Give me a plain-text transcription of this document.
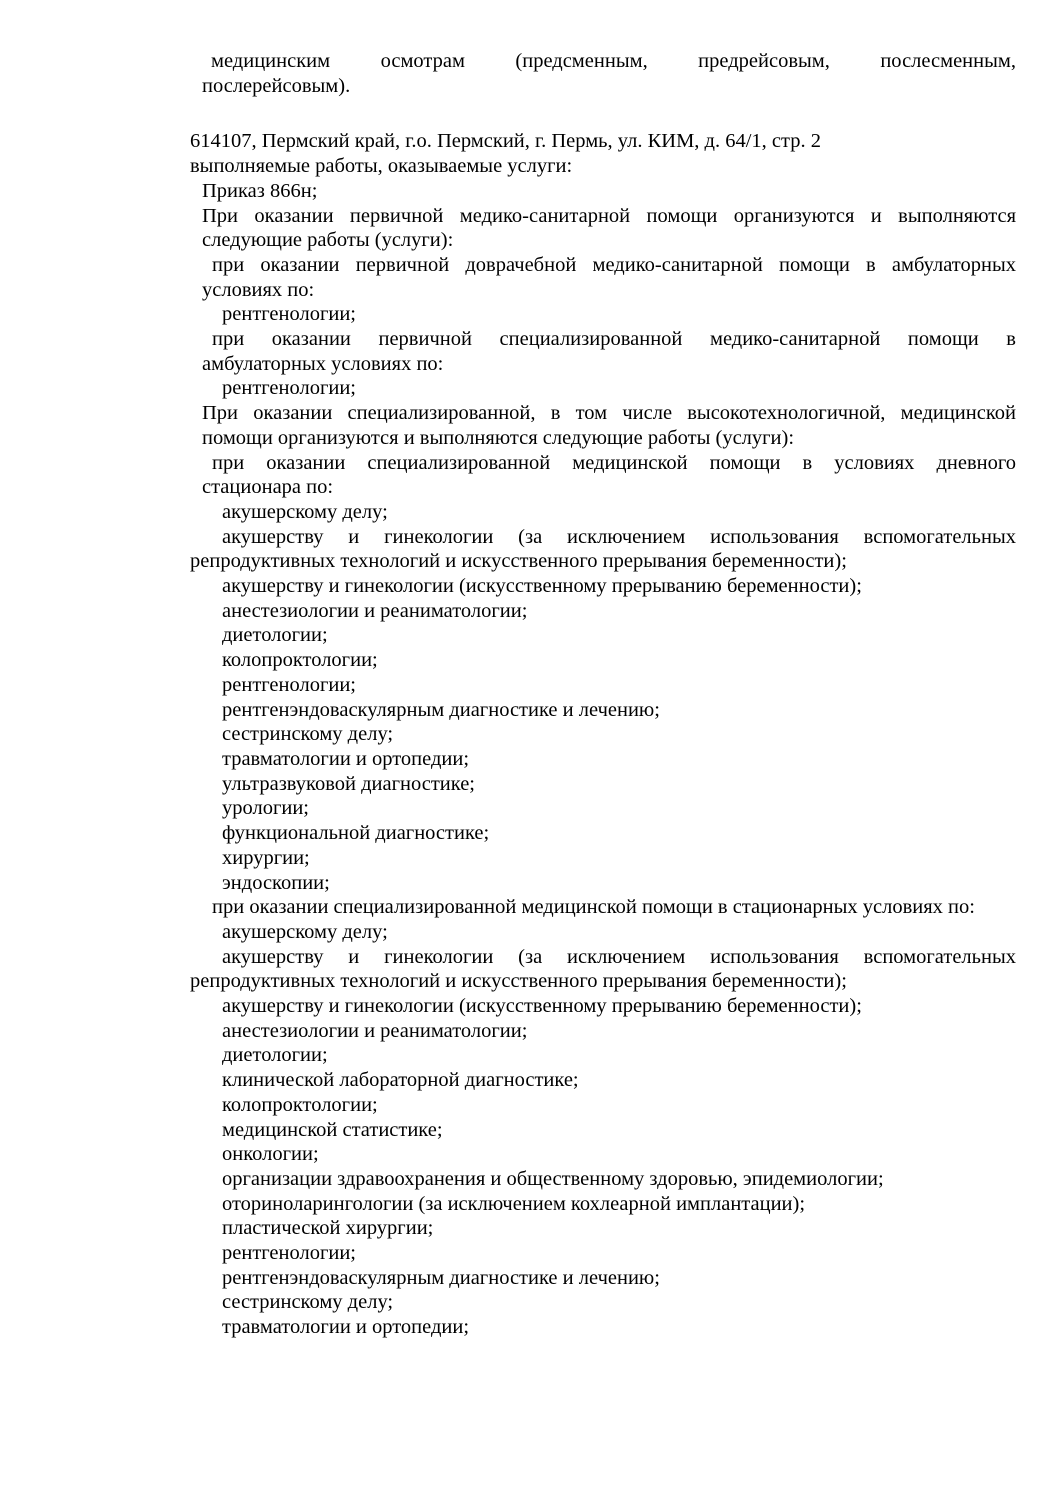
медицинским осмотрам (предсменным, предрейсовым, послесменным,
послерейсовым).
614107, Пермский край, г.о. Пермский, г. Пермь, ул. КИМ, д. 64/1, стр. 2
выполняемые работы, оказываемые услуги:
Приказ 866н;
При оказании первичной медико-санитарной помощи организуются и выполняются
следующие работы (услуги):
при оказании первичной доврачебной медико-санитарной помощи в амбулаторных
условиях по:
рентгенологии;
при оказании первичной специализированной медико-санитарной помощи в
амбулаторных условиях по:
рентгенологии;
При оказании специализированной, в том числе высокотехнологичной, медицинской
помощи организуются и выполняются следующие работы (услуги):
при оказании специализированной медицинской помощи в условиях дневного
стационара по:
акушерскому делу;
акушерству и гинекологии (за исключением использования вспомогательных
репродуктивных технологий и искусственного прерывания беременности);
акушерству и гинекологии (искусственному прерыванию беременности);
анестезиологии и реаниматологии;
диетологии;
колопроктологии;
рентгенологии;
рентгенэндоваскулярным диагностике и лечению;
сестринскому делу;
травматологии и ортопедии;
ультразвуковой диагностике;
урологии;
функциональной диагностике;
хирургии;
эндоскопии;
при оказании специализированной медицинской помощи в стационарных условиях по:
акушерскому делу;
акушерству и гинекологии (за исключением использования вспомогательных
репродуктивных технологий и искусственного прерывания беременности);
акушерству и гинекологии (искусственному прерыванию беременности);
анестезиологии и реаниматологии;
диетологии;
клинической лабораторной диагностике;
колопроктологии;
медицинской статистике;
онкологии;
организации здравоохранения и общественному здоровью, эпидемиологии;
оториноларингологии (за исключением кохлеарной имплантации);
пластической хирургии;
рентгенологии;
рентгенэндоваскулярным диагностике и лечению;
сестринскому делу;
травматологии и ортопедии;
